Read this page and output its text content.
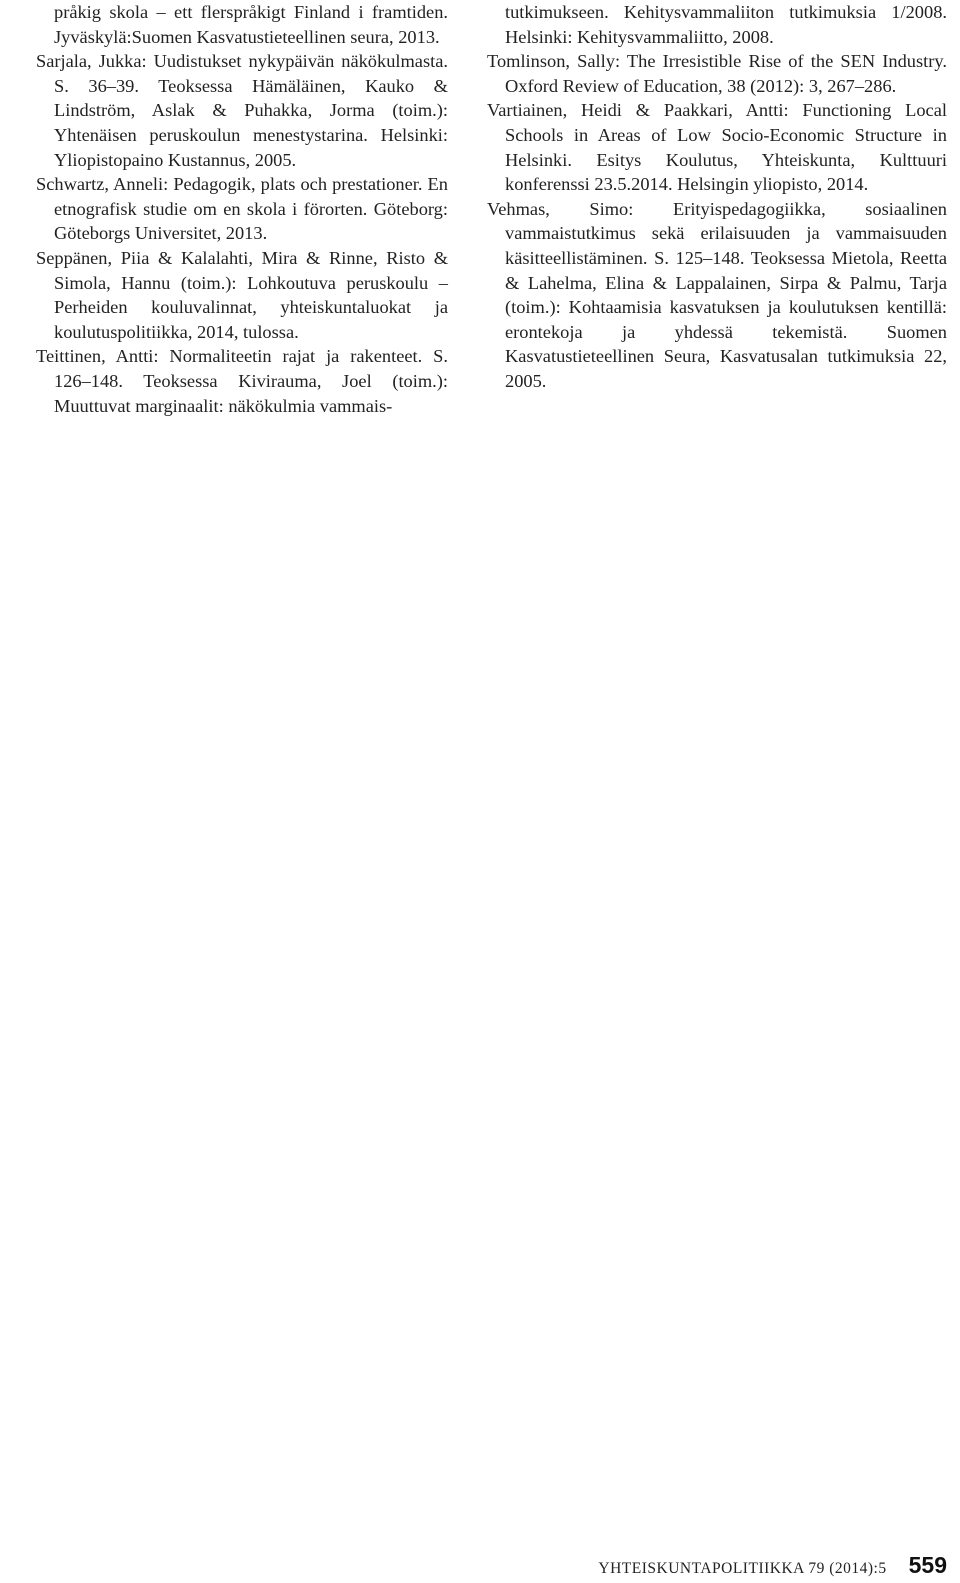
pråkig skola – ett flerspråkigt Finland i framtiden. Jyväskylä:Suomen Kasvatustieteellinen seura, 2013.

Sarjala, Jukka: Uudistukset nykypäivän näkökulmasta. S. 36–39. Teoksessa Hämäläinen, Kauko & Lindström, Aslak & Puhakka, Jorma (toim.): Yhtenäisen peruskoulun menestystarina. Helsinki: Yliopistopaino Kustannus, 2005.

Schwartz, Anneli: Pedagogik, plats och prestationer. En etnografisk studie om en skola i förorten. Göteborg: Göteborgs Universitet, 2013.

Seppänen, Piia & Kalalahti, Mira & Rinne, Risto & Simola, Hannu (toim.): Lohkoutuva peruskoulu – Perheiden kouluvalinnat, yhteiskuntaluokat ja koulutuspolitiikka, 2014, tulossa.

Teittinen, Antti: Normaliteetin rajat ja rakenteet. S. 126–148. Teoksessa Kivirauma, Joel (toim.): Muuttuvat marginaalit: näkökulmia vammais-

tutkimukseen. Kehitysvammaliiton tutkimuksia 1/2008. Helsinki: Kehitysvammaliitto, 2008.

Tomlinson, Sally: The Irresistible Rise of the SEN Industry. Oxford Review of Education, 38 (2012): 3, 267–286.

Vartiainen, Heidi & Paakkari, Antti: Functioning Local Schools in Areas of Low Socio-Economic Structure in Helsinki. Esitys Koulutus, Yhteiskunta, Kulttuuri konferenssi 23.5.2014. Helsingin yliopisto, 2014.

Vehmas, Simo: Erityispedagogiikka, sosiaalinen vammaistutkimus sekä erilaisuuden ja vammaisuuden käsitteellistäminen. S. 125–148. Teoksessa Mietola, Reetta & Lahelma, Elina & Lappalainen, Sirpa & Palmu, Tarja (toim.): Kohtaamisia kasvatuksen ja koulutuksen kentillä: erontekoja ja yhdessä tekemistä. Suomen Kasvatustieteellinen Seura, Kasvatusalan tutkimuksia 22, 2005.

YHTEISKUNTAPOLITIIKKA 79 (2014):5 559
